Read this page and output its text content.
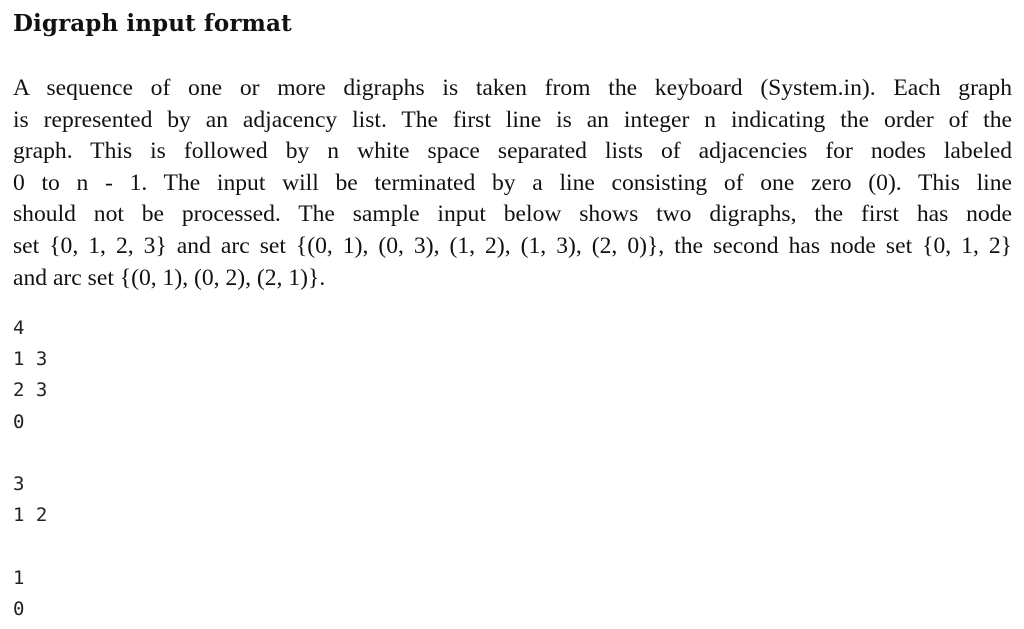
Digraph input format

A sequence of one or more digraphs is taken from the keyboard (System.in). Each graph
is represented by an adjacency list. The first line is an integer n indicating the order of the
graph. This is followed by n white space separated lists of adjacencies for nodes labeled
0 to n - 1. The input will be terminated by a line consisting of one zero (0). This line
should not be processed. The sample input below shows two digraphs, the first has node
set {0, 1, 2, 3} and arc set {(0, 1), (0, 3), (1, 2), (1, 3), (2, 0)}, the second has node set {0, 1, 2}
and arc set {(0, 1), (0, 2), (2, 1)}.

4
1 3
2 3
0
3
1 2
1
0
